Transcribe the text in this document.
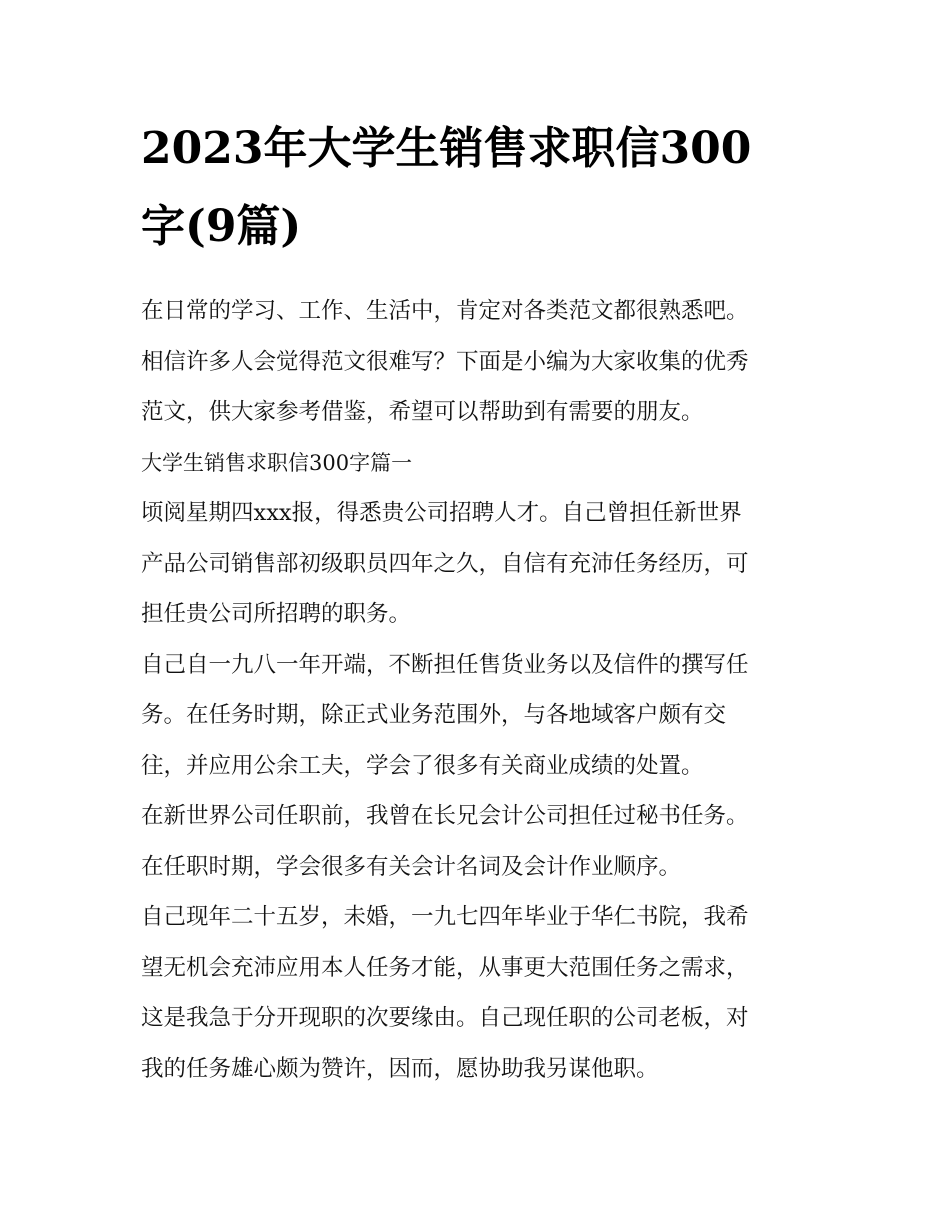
2023年大学生销售求职信300
字(9篇)

在日常的学习、工作、生活中，肯定对各类范文都很熟悉吧。
相信许多人会觉得范文很难写？下面是小编为大家收集的优秀
范文，供大家参考借鉴，希望可以帮助到有需要的朋友。

大学生销售求职信300字篇一

顷阅星期四xxx报，得悉贵公司招聘人才。自己曾担任新世界
产品公司销售部初级职员四年之久，自信有充沛任务经历，可
担任贵公司所招聘的职务。

自己自一九八一年开端，不断担任售货业务以及信件的撰写任
务。在任务时期，除正式业务范围外，与各地域客户颇有交
往，并应用公余工夫，学会了很多有关商业成绩的处置。

在新世界公司任职前，我曾在长兄会计公司担任过秘书任务。
在任职时期，学会很多有关会计名词及会计作业顺序。

自己现年二十五岁，未婚，一九七四年毕业于华仁书院，我希
望无机会充沛应用本人任务才能，从事更大范围任务之需求，
这是我急于分开现职的次要缘由。自己现任职的公司老板，对
我的任务雄心颇为赞许，因而，愿协助我另谋他职。
